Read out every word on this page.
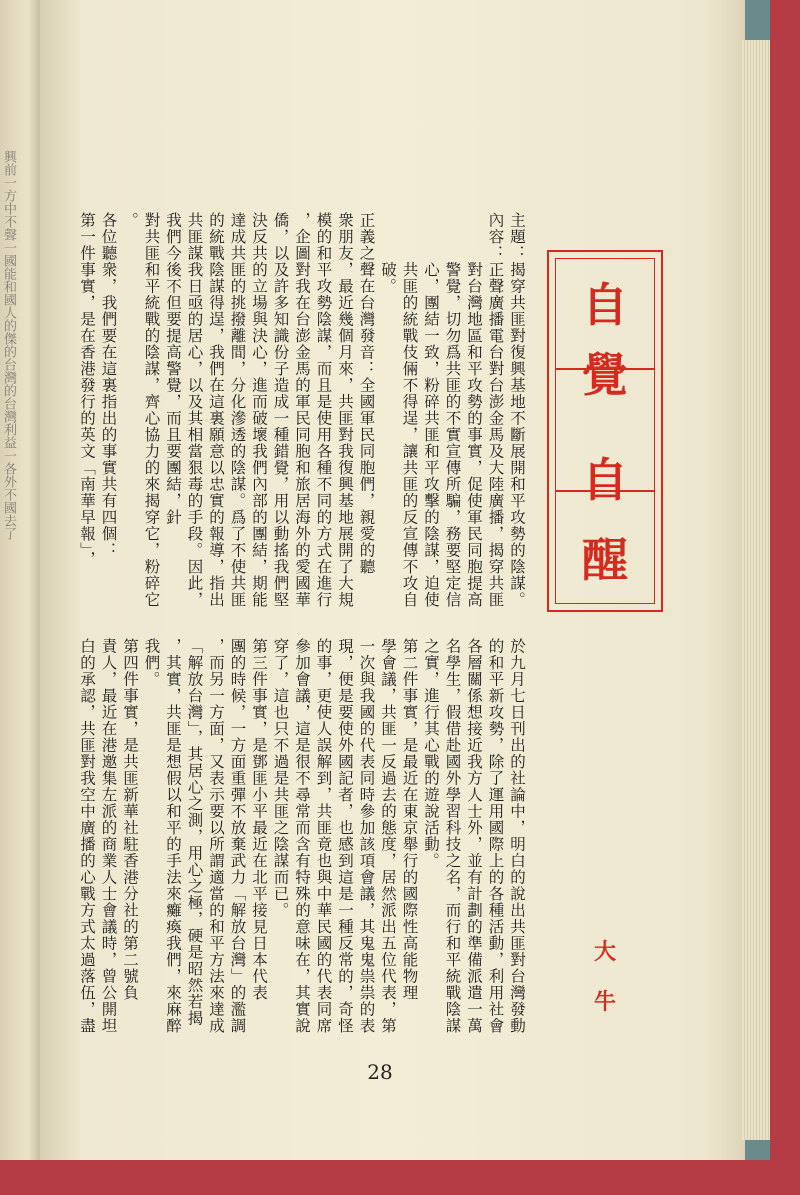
興前一方中不
聲一國能和
國人的傑
的台灣的台灣
利益一各
外不國去了
自
覺
自
醒
大
牛
主題：揭穿共匪對復興基地不斷展開和平攻勢的陰謀。
內容：正聲廣播電台對台澎金馬及大陸廣播，揭穿共匪
　　　對台灣地區和平攻勢的事實，促使軍民同胞提高
　　　警覺，切勿爲共匪的不實宣傳所騙，務要堅定信
　　　心，團結一致，粉碎共匪和平攻擊的陰謀，迫使
　　　共匪的統戰伎倆不得逞，讓共匪的反宣傳不攻自
　　　破。
正義之聲在台灣發音：全國軍民同胞們，親愛的聽
衆朋友，最近幾個月來，共匪對我復興基地展開了大規
模的和平攻勢陰謀，而且是使用各種不同的方式在進行
，企圖對我在台澎金馬的軍民同胞和旅居海外的愛國華
僑，以及許多知識份子造成一種錯覺，用以動搖我們堅
決反共的立場與決心，進而破壞我們內部的團結，期能
達成共匪的挑撥離間，分化滲透的陰謀。爲了不使共匪
的統戰陰謀得逞，我們在這裏願意以忠實的報導，指出
共匪謀我日亟的居心，以及其相當狠毒的手段。因此，
我們今後不但要提高警覺，而且要團結，針
對共匪和平統戰的陰謀，齊心協力的來揭穿它，粉碎它
。
各位聽衆，我們要在這裏指出的事實共有四個：
第一件事實，是在香港發行的英文「南華早報」，
於九月七日刊出的社論中，明白的說出共匪對台灣發動
的和平新攻勢，除了運用國際上的各種活動，利用社會
各層關係想接近我方人士外，並有計劃的準備派遣一萬
名學生，假借赴國外學習科技之名，而行和平統戰陰謀
之實，進行其心戰的遊說活動。
第二件事實，是最近在東京舉行的國際性高能物理
學會議，共匪一反過去的態度，居然派出五位代表，第
一次與我國的代表同時參加該項會議，其鬼鬼祟祟的表
現，便是要使外國記者，也感到這是一種反常的，奇怪
的事，更使人誤解到，共匪竟也與中華民國的代表同席
參加會議，這是很不尋常而含有特殊的意味在，其實說
穿了，這也只不過是共匪之陰謀而已。
第三件事實，是鄧匪小平最近在北平接見日本代表
團的時候，一方面重彈不放棄武力「解放台灣」的濫調
，而另一方面，又表示要以所謂適當的和平方法來達成
「解放台灣」，其居心之測，用心之極，硬是昭然若揭
，其實，共匪是想假以和平的手法來癱瘓我們，來麻醉
我們。
第四件事實，是共匪新華社駐香港分社的第二號負
責人，最近在港邀集左派的商業人士會議時，曾公開坦
白的承認，共匪對我空中廣播的心戰方式太過落伍，盡
28
